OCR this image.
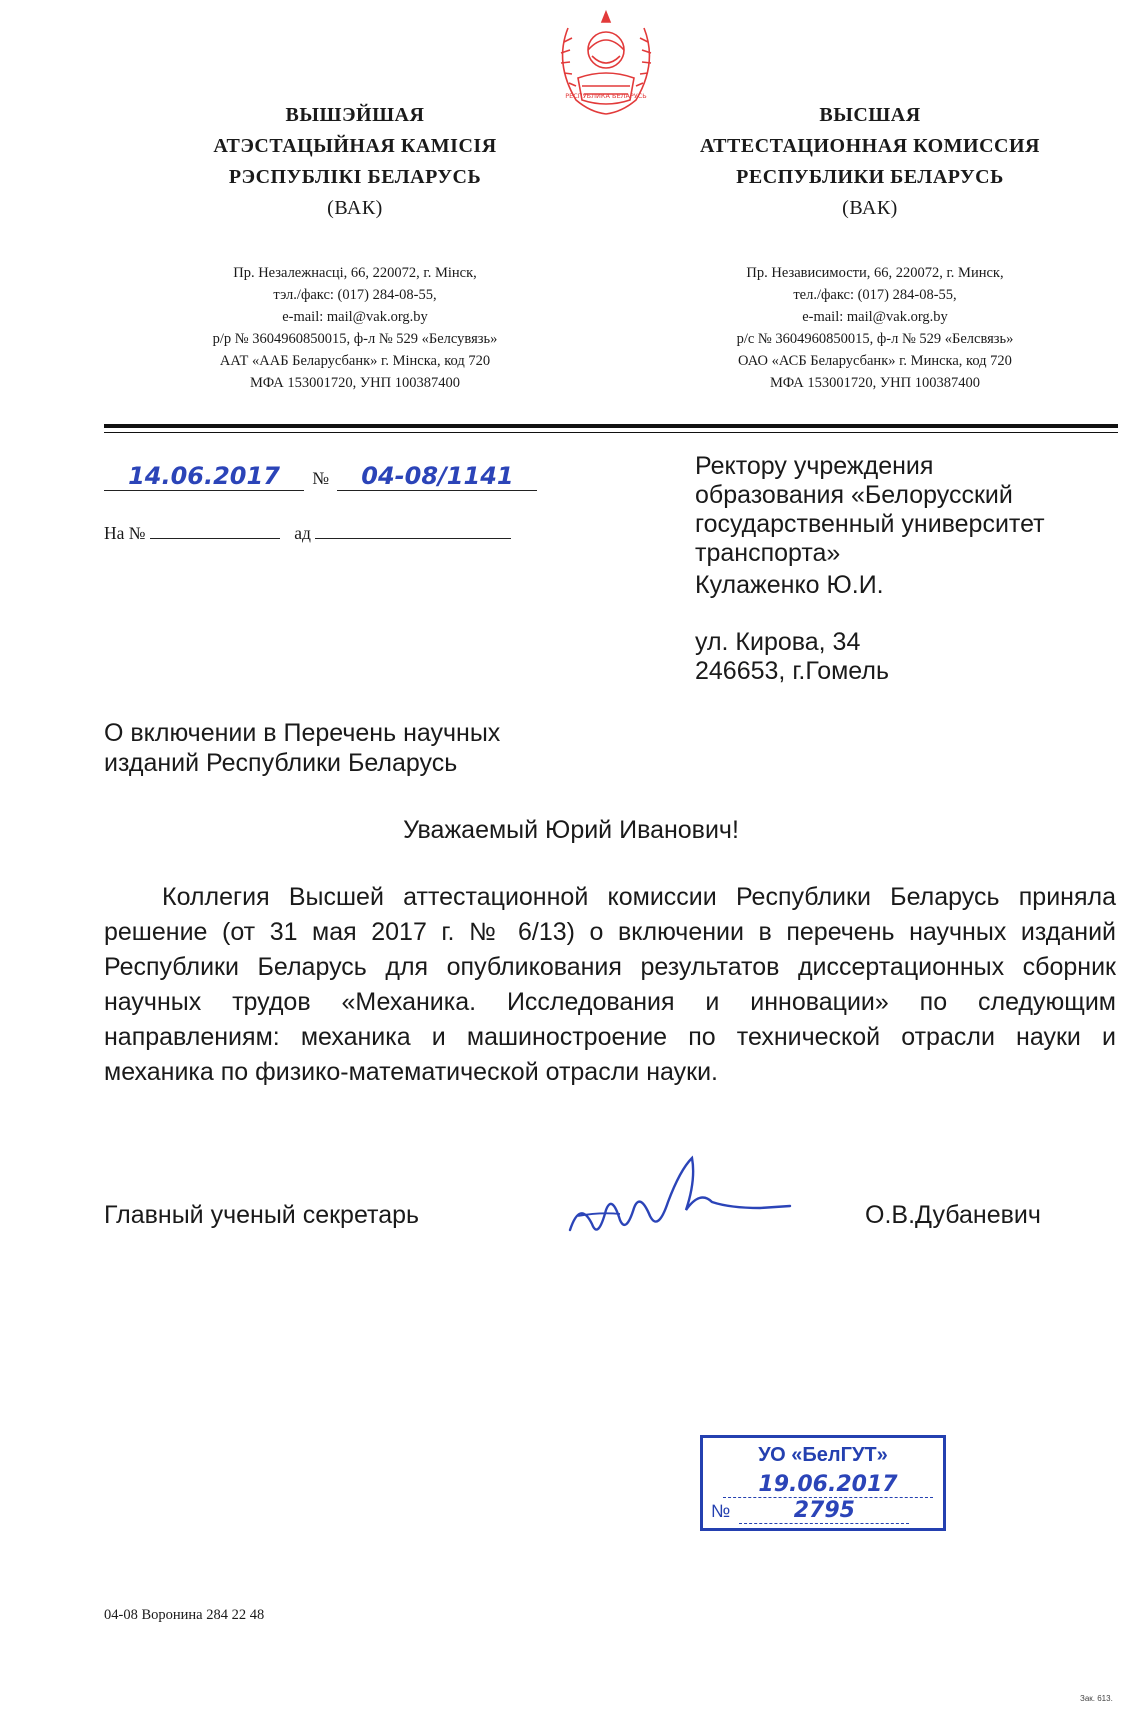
РЕСПУБЛИКА БЕЛАРУСЬ
ВЫШЭЙШАЯ
АТЭСТАЦЫЙНАЯ КАМІСІЯ
РЭСПУБЛІКІ БЕЛАРУСЬ
(ВАК)
ВЫСШАЯ
АТТЕСТАЦИОННАЯ КОМИССИЯ
РЕСПУБЛИКИ БЕЛАРУСЬ
(ВАК)
Пр. Незалежнасці, 66, 220072, г. Мінск,
тэл./факс: (017) 284-08-55,
e-mail: mail@vak.org.by
р/р № 3604960850015, ф-л № 529 «Белсувязь»
ААТ «ААБ Беларусбанк» г. Мінска, код 720
МФА 153001720, УНП 100387400
Пр. Независимости, 66, 220072, г. Минск,
тел./факс: (017) 284-08-55,
e-mail: mail@vak.org.by
р/с № 3604960850015, ф-л № 529 «Белсвязь»
ОАО «АСБ Беларусбанк» г. Минска, код 720
МФА 153001720, УНП 100387400
14.06.2017 № 04-08/1141
На №	ад
Ректору учреждения
образования «Белорусский
государственный университет
транспорта»
Кулаженко Ю.И.
ул. Кирова, 34
246653, г.Гомель
О включении в Перечень научных
изданий Республики Беларусь
Уважаемый Юрий Иванович!
Коллегия Высшей аттестационной комиссии Республики Беларусь приняла решение (от 31 мая 2017 г. № 6/13) о включении в перечень научных изданий Республики Беларусь для опубликования результатов диссертационных сборник научных трудов «Механика. Исследования и инновации» по следующим направлениям: механика и машиностроение по технической отрасли науки и механика по физико-математической отрасли науки.
Главный ученый секретарь	О.В.Дубаневич
УО «БелГУТ»
19.06.2017
№	2795
04-08 Воронина 284 22 48
Зак. 613.
